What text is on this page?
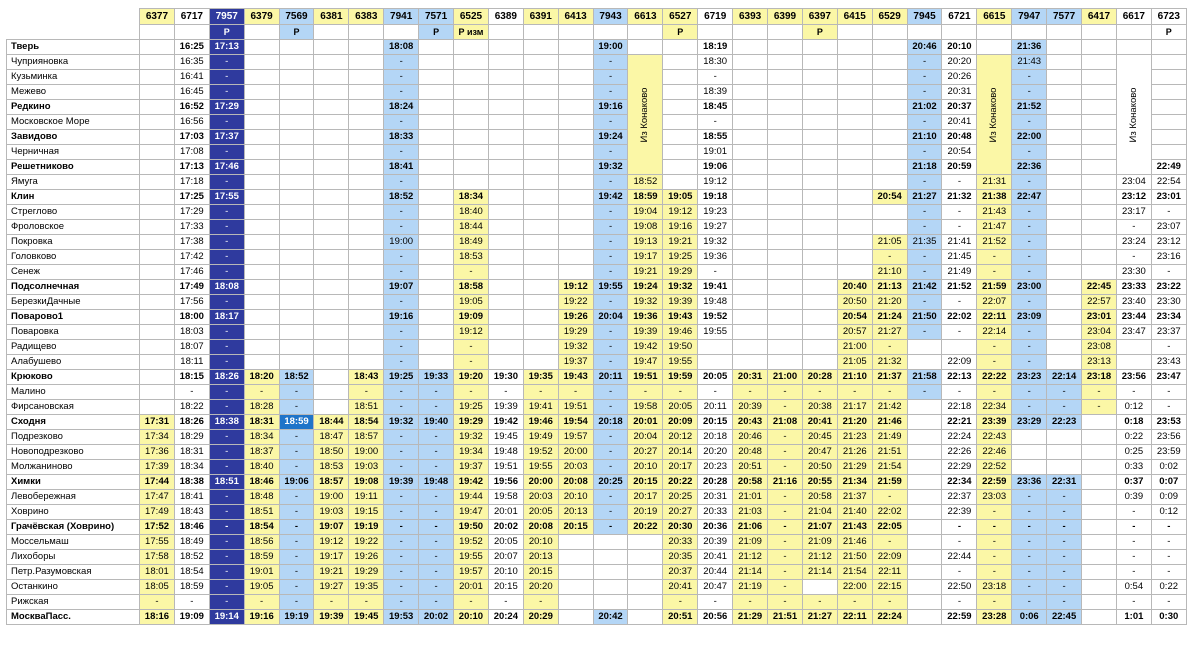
	6377	6717	7957	6379	7569	6381	6383	7941	7571	6525	6389	6391	6413	7943	6613	6527	6719	6393	6399	6397	6415	6529	7945	6721	6615	7947	7577	6417	6617	6723
			Р		Р				Р	Р изм						Р				Р										Р
Тверь		16:25	17:13					18:08						19:00			18:19						20:46	20:10		21:36				
Чуприяновка		16:35	-					-						-	Из Конаково		18:30						-	20:20	Из Конаково	21:43			Из Конаково	

Кузьминка		16:41	-					-						-			-						-	20:26		-				
Межево		16:45	-					-						-			18:39						-	20:31		-				
Редкино		16:52	17:29					18:24						19:16			18:45						21:02	20:37		21:52				
Московское Море		16:56	-					-						-			-						-	20:41		-				
Завидово		17:03	17:37					18:33						19:24			18:55						21:10	20:48		22:00				
Черничная		17:08	-					-						-			19:01						-	20:54		-				
Решетниково		17:13	17:46					18:41						19:32			19:06						21:18	20:59		22:36				22:49
Ямуга		17:18	-					-						-	18:52		19:12						-	-	21:31	-			23:04	22:54
Клин		17:25	17:55					18:52		18:34				19:42	18:59	19:05	19:18					20:54	21:27	21:32	21:38	22:47			23:12	23:01
Стреглово		17:29	-					-		18:40				-	19:04	19:12	19:23						-	-	21:43	-			23:17	-
Фроловское		17:33	-					-		18:44				-	19:08	19:16	19:27						-	-	21:47	-			-	23:07
Покровка		17:38	-					19:00		18:49				-	19:13	19:21	19:32					21:05	21:35	21:41	21:52	-			23:24	23:12
Головково		17:42	-					-		18:53				-	19:17	19:25	19:36					-	-	21:45	-	-			-	23:16
Сенеж		17:46	-					-		-				-	19:21	19:29	-					21:10	-	21:49	-	-			23:30	-
Подсолнечная		17:49	18:08					19:07		18:58			19:12	19:55	19:24	19:32	19:41				20:40	21:13	21:42	21:52	21:59	23:00		22:45	23:33	23:22
БерезкиДачные		17:56	-					-		19:05			19:22	-	19:32	19:39	19:48				20:50	21:20	-	-	22:07	-		22:57	23:40	23:30
Поварово1		18:00	18:17					19:16		19:09			19:26	20:04	19:36	19:43	19:52				20:54	21:24	21:50	22:02	22:11	23:09		23:01	23:44	23:34
Поваровка		18:03	-					-		19:12			19:29	-	19:39	19:46	19:55				20:57	21:27	-	-	22:14	-		23:04	23:47	23:37
Радищево		18:07	-					-		-			19:32	-	19:42	19:50					21:00	-			-	-		23:08		-
Алабушево		18:11	-					-		-			19:37	-	19:47	19:55					21:05	21:32		22:09	-	-		23:13		23:43
Крюково		18:15	18:26	18:20	18:52		18:43	19:25	19:33	19:20	19:30	19:35	19:43	20:11	19:51	19:59	20:05	20:31	21:00	20:28	21:10	21:37	21:58	22:13	22:22	23:23	22:14	23:18	23:56	23:47
Малино		-	-	-	-		-	-	-	-	-	-	-	-	-	-	-	-	-	-	-	-	-	-	-	-	-	-	-	-
Фирсановская		18:22	-	18:28	-		18:51	-	-	19:25	19:39	19:41	19:51	-	19:58	20:05	20:11	20:39	-	20:38	21:17	21:42		22:18	22:34	-	-	-	0:12	-
Сходня	17:31	18:26	18:38	18:31	18:59	18:44	18:54	19:32	19:40	19:29	19:42	19:46	19:54	20:18	20:01	20:09	20:15	20:43	21:08	20:41	21:20	21:46		22:21	23:39	23:29	22:23		0:18	23:53
Подрезково	17:34	18:29	-	18:34	-	18:47	18:57	-	-	19:32	19:45	19:49	19:57	-	20:04	20:12	20:18	20:46	-	20:45	21:23	21:49		22:24	22:43				0:22	23:56
Новоподрезково	17:36	18:31	-	18:37	-	18:50	19:00	-	-	19:34	19:48	19:52	20:00	-	20:27	20:14	20:20	20:48	-	20:47	21:26	21:51		22:26	22:46				0:25	23:59
Молжаниново	17:39	18:34	-	18:40	-	18:53	19:03	-	-	19:37	19:51	19:55	20:03	-	20:10	20:17	20:23	20:51	-	20:50	21:29	21:54		22:29	22:52				0:33	0:02
Химки	17:44	18:38	18:51	18:46	19:06	18:57	19:08	19:39	19:48	19:42	19:56	20:00	20:08	20:25	20:15	20:22	20:28	20:58	21:16	20:55	21:34	21:59		22:34	22:59	23:36	22:31		0:37	0:07
Левобережная	17:47	18:41	-	18:48	-	19:00	19:11	-	-	19:44	19:58	20:03	20:10	-	20:17	20:25	20:31	21:01	-	20:58	21:37	-		22:37	23:03	-	-		0:39	0:09
Ховрино	17:49	18:43	-	18:51	-	19:03	19:15	-	-	19:47	20:01	20:05	20:13	-	20:19	20:27	20:33	21:03	-	21:04	21:40	22:02		22:39	-	-	-		-	0:12
Грачёвская (Ховрино)	17:52	18:46	-	18:54	-	19:07	19:19	-	-	19:50	20:02	20:08	20:15	-	20:22	20:30	20:36	21:06	-	21:07	21:43	22:05		-	-	-	-		-	-
Моссельмаш	17:55	18:49	-	18:56	-	19:12	19:22	-	-	19:52	20:05	20:10				20:33	20:39	21:09	-	21:09	21:46	-		-	-	-	-		-	-
Лихоборы	17:58	18:52	-	18:59	-	19:17	19:26	-	-	19:55	20:07	20:13				20:35	20:41	21:12	-	21:12	21:50	22:09		22:44	-	-	-		-	-
Петр.Разумовская	18:01	18:54	-	19:01	-	19:21	19:29	-	-	19:57	20:10	20:15				20:37	20:44	21:14	-	21:14	21:54	22:11		-	-	-	-		-	-
Останкино	18:05	18:59	-	19:05	-	19:27	19:35	-	-	20:01	20:15	20:20				20:41	20:47	21:19	-		22:00	22:15		22:50	23:18	-	-		0:54	0:22
Рижская	-	-	-	-	-	-	-	-	-	-	-	-				-	-	-	-	-	-	-		-	-	-	-		-	-
МоскваПасс.	18:16	19:09	19:14	19:16	19:19	19:39	19:45	19:53	20:02	20:10	20:24	20:29		20:42		20:51	20:56	21:29	21:51	21:27	22:11	22:24		22:59	23:28	0:06	22:45		1:01	0:30
